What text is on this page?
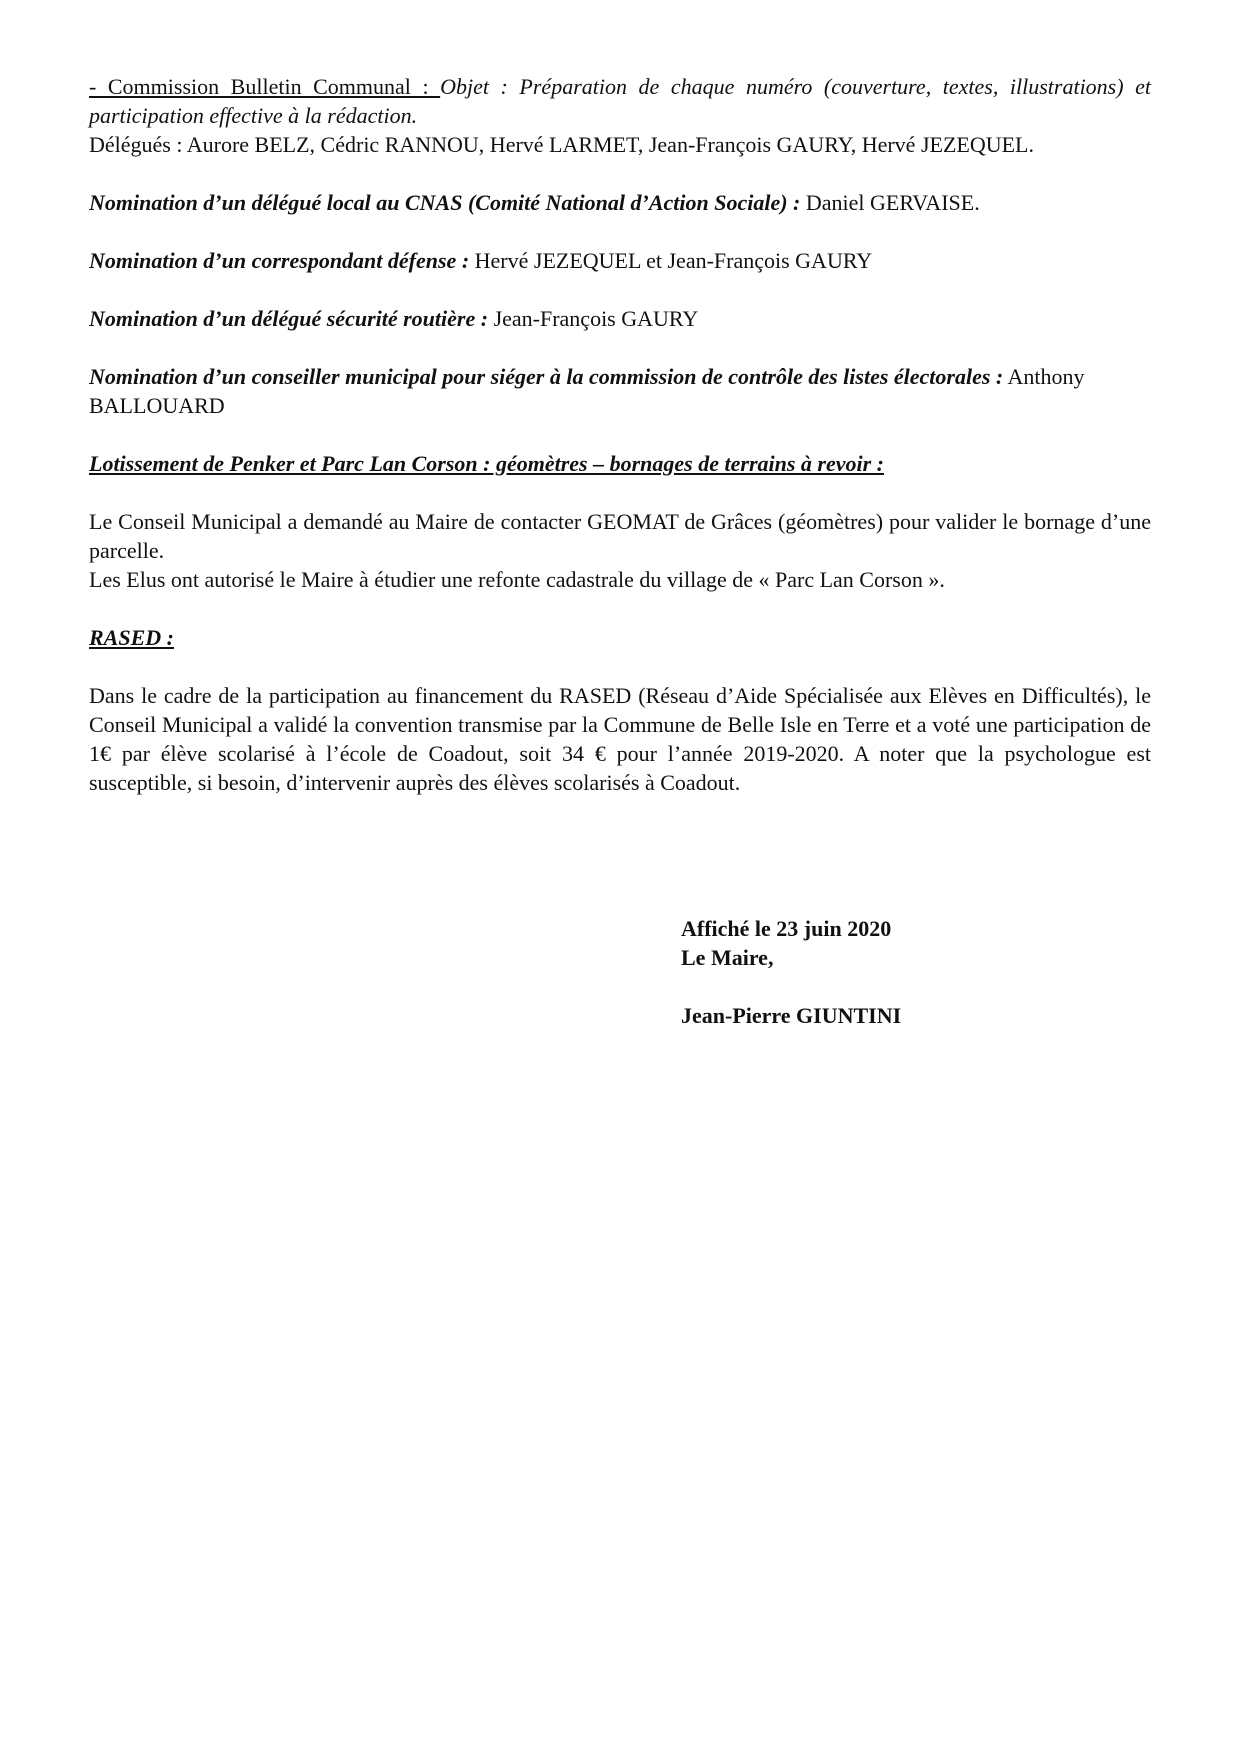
- Commission Bulletin Communal : Objet : Préparation de chaque numéro (couverture, textes, illustrations) et participation effective à la rédaction.

Délégués : Aurore BELZ, Cédric RANNOU, Hervé LARMET, Jean-François GAURY, Hervé JEZEQUEL.

Nomination d’un délégué local au CNAS (Comité National d’Action Sociale) : Daniel GERVAISE.

Nomination d’un correspondant défense : Hervé JEZEQUEL et Jean-François GAURY

Nomination d’un délégué sécurité routière : Jean-François GAURY

Nomination d’un conseiller municipal pour siéger à la commission de contrôle des listes électorales : Anthony BALLOUARD

Lotissement de Penker et Parc Lan Corson : géomètres – bornages de terrains à revoir :

Le Conseil Municipal a demandé au Maire de contacter GEOMAT de Grâces (géomètres) pour valider le bornage d’une parcelle.

Les Elus ont autorisé le Maire à étudier une refonte cadastrale du village de « Parc Lan Corson ».

RASED :

Dans le cadre de la participation au financement du RASED (Réseau d’Aide Spécialisée aux Elèves en Difficultés), le Conseil Municipal a validé la convention transmise par la Commune de Belle Isle en Terre et a voté une participation de 1€ par élève scolarisé à l’école de Coadout, soit 34 € pour l’année 2019-2020. A noter que la psychologue est susceptible, si besoin, d’intervenir auprès des élèves scolarisés à Coadout.

Affiché le 23 juin 2020
Le Maire,
Jean-Pierre GIUNTINI
